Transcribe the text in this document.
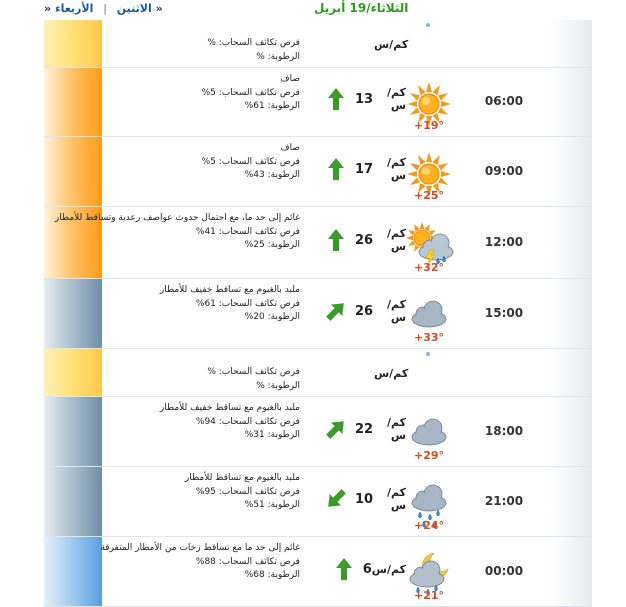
« الاثنين | الأربعاء «	الثلاثاء/19 أبريل
فرص تكاثف السحاب: %
الرطوبة: %
كم/س
صاف
فرص تكاثف السحاب: 5%
الرطوبة: 61%
كم/س
13
+19°
06:00
صاف
فرص تكاثف السحاب: 5%
الرطوبة: 43%
كم/س
17
+25°
09:00
غائم إلى حد ما، مع احتمال حدوث عواصف رعدية وتساقط للأمطار
فرص تكاثف السحاب: 41%
الرطوبة: 25%
كم/س
26
+32°
12:00
ملبد بالغيوم مع تساقط خفيف للأمطار
فرص تكاثف السحاب: 61%
الرطوبة: 20%
كم/س
26
+33°
15:00
فرص تكاثف السحاب: %
الرطوبة: %
كم/س
ملبد بالغيوم مع تساقط خفيف للأمطار
فرص تكاثف السحاب: 94%
الرطوبة: 31%
كم/س
22
+29°
18:00
ملبد بالغيوم مع تساقط للأمطار
فرص تكاثف السحاب: 95%
الرطوبة: 51%
كم/س
10
+24°
21:00
غائم إلى حد ما مع تساقط زخات من الأمطار المتفرقة
فرص تكاثف السحاب: 88%
الرطوبة: 68%	كم/س
6
+21°
00:00
